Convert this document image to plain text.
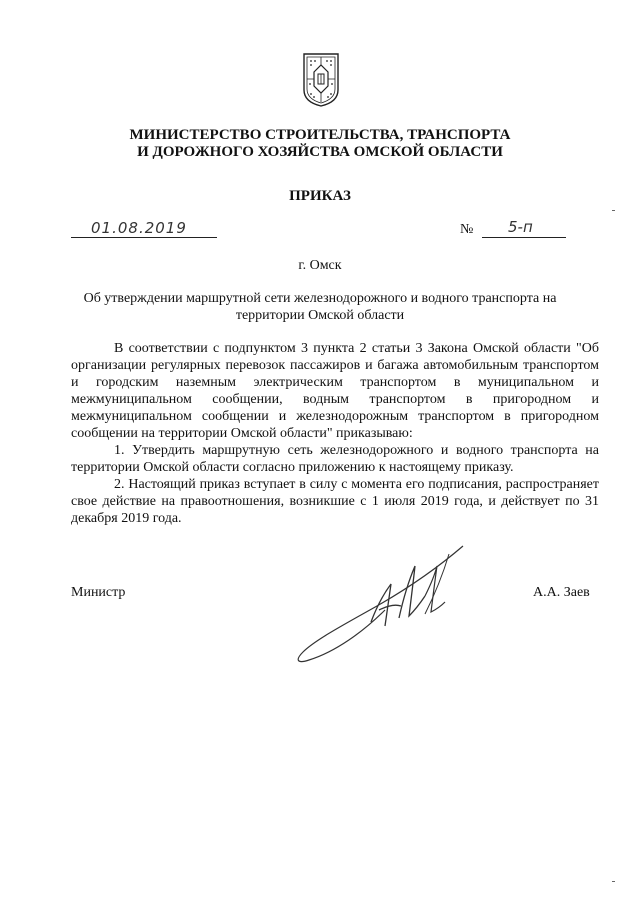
МИНИСТЕРСТВО СТРОИТЕЛЬСТВА, ТРАНСПОРТА
И ДОРОЖНОГО ХОЗЯЙСТВА ОМСКОЙ ОБЛАСТИ
ПРИКАЗ
01.08.2019	№ 5-п
г. Омск
Об утверждении маршрутной сети железнодорожного и водного транспорта на территории Омской области

В соответствии с подпунктом 3 пункта 2 статьи 3 Закона Омской области "Об организации регулярных перевозок пассажиров и багажа автомобильным транспортом и городским наземным электрическим транспортом в муниципальном и межмуниципальном сообщении, водным транспортом в пригородном и межмуниципальном сообщении и железнодорожным транспортом в пригородном сообщении на территории Омской области" приказываю:

1. Утвердить маршрутную сеть железнодорожного и водного транспорта на территории Омской области согласно приложению к настоящему приказу.

2. Настоящий приказ вступает в силу с момента его подписания, распространяет свое действие на правоотношения, возникшие с 1 июля 2019 года, и действует по 31 декабря 2019 года.

Министр	А.А. Заев
